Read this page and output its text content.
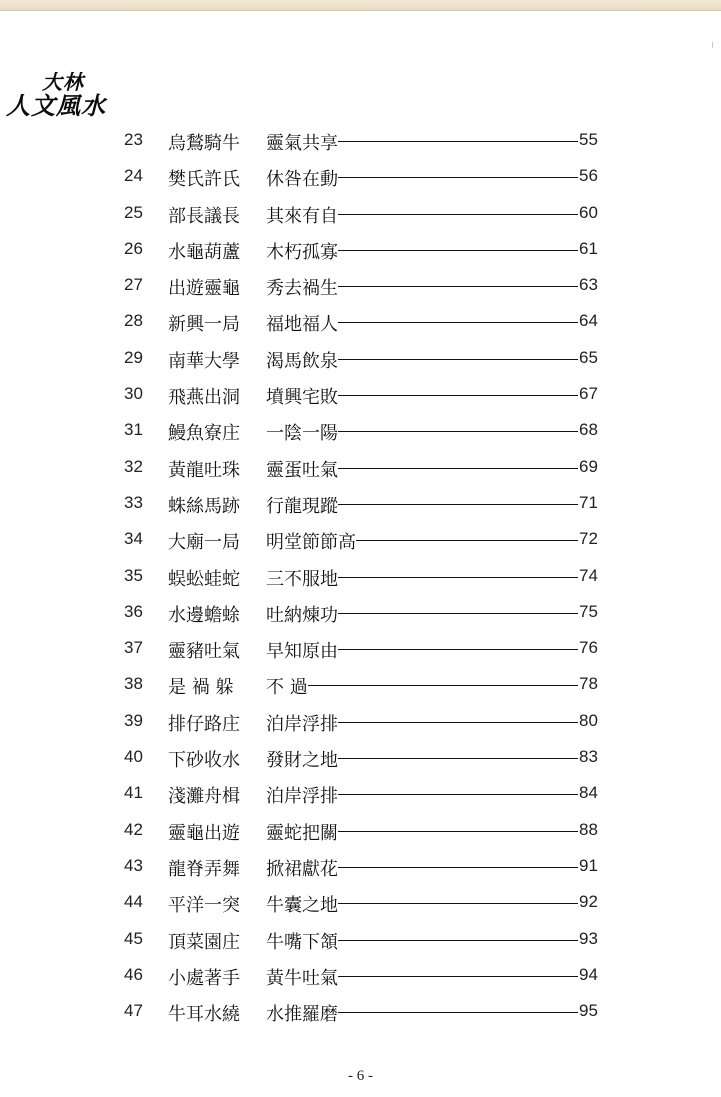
大林
人文風水
23	烏鶖騎牛 靈氣共享	55
24	樊氏許氏 休咎在動	56
25	部長議長 其來有自	60
26	水龜葫蘆 木朽孤寡	61
27	出遊靈龜 秀去禍生	63
28	新興一局 福地福人	64
29	南華大學 渴馬飲泉	65
30	飛燕出洞 墳興宅敗	67
31	鰻魚寮庄 一陰一陽	68
32	黃龍吐珠 靈蛋吐氣	69
33	蛛絲馬跡 行龍現蹤	71
34	大廟一局 明堂節節高	72
35	蜈蚣蛙蛇 三不服地	74
36	水邊蟾蜍 吐納煉功	75
37	靈豬吐氣 早知原由	76
38	是 禍 躲 不 過	78
39	排仔路庄 泊岸浮排	80
40	下砂收水 發財之地	83
41	淺灘舟楫 泊岸浮排	84
42	靈龜出遊 靈蛇把關	88
43	龍脊弄舞 掀裙獻花	91
44	平洋一突 牛囊之地	92
45	頂菜園庄 牛嘴下頷	93
46	小處著手 黃牛吐氣	94
47	牛耳水繞 水推羅磨	95
- 6 -
